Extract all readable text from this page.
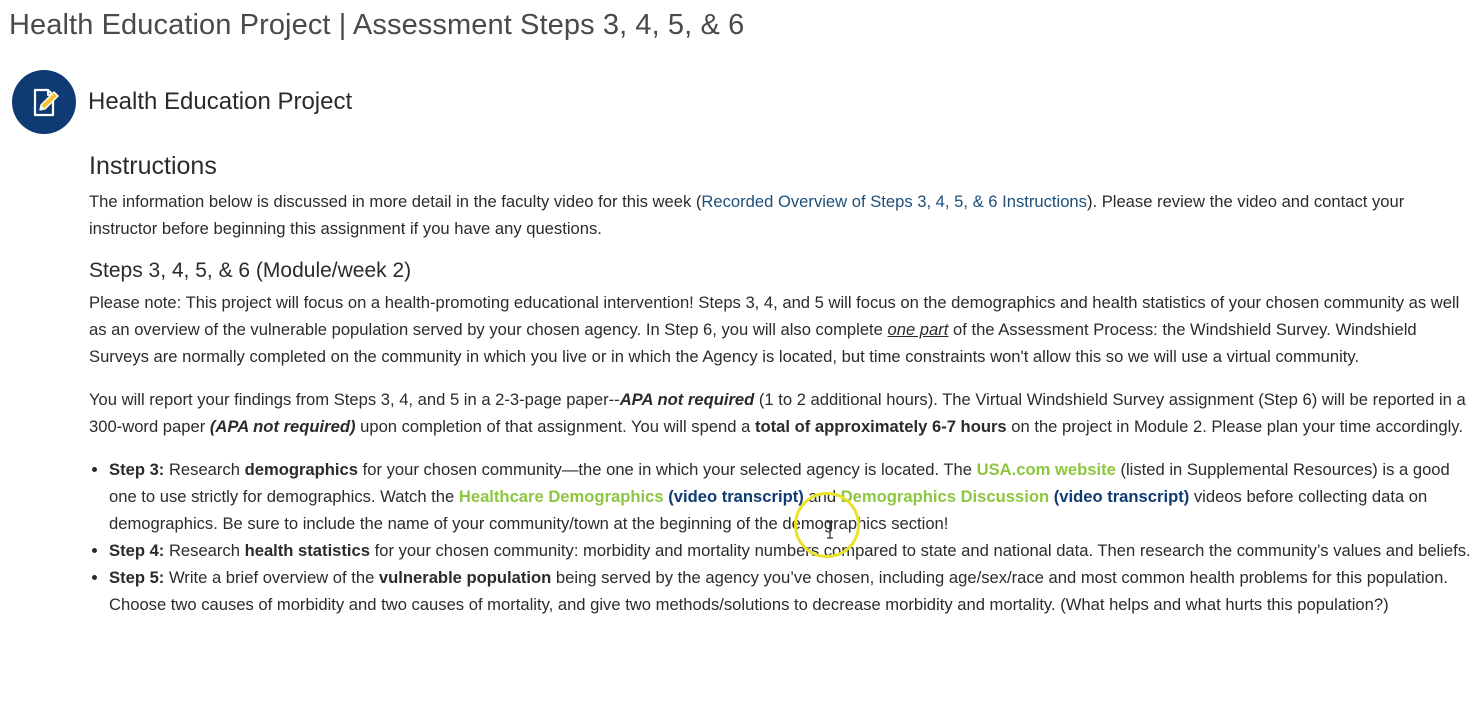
Health Education Project | Assessment Steps 3, 4, 5, & 6
Health Education Project
Instructions

The information below is discussed in more detail in the faculty video for this week (Recorded Overview of Steps 3, 4, 5, & 6 Instructions). Please review the video and contact your instructor before beginning this assignment if you have any questions.

Steps 3, 4, 5, & 6 (Module/week 2)

Please note: This project will focus on a health-promoting educational intervention! Steps 3, 4, and 5 will focus on the demographics and health statistics of your chosen community as well as an overview of the vulnerable population served by your chosen agency. In Step 6, you will also complete one part of the Assessment Process: the Windshield Survey. Windshield Surveys are normally completed on the community in which you live or in which the Agency is located, but time constraints won't allow this so we will use a virtual community.

You will report your findings from Steps 3, 4, and 5 in a 2-3-page paper--APA not required (1 to 2 additional hours). The Virtual Windshield Survey assignment (Step 6) will be reported in a 300-word paper (APA not required) upon completion of that assignment. You will spend a total of approximately 6-7 hours on the project in Module 2. Please plan your time accordingly.

• Step 3: Research demographics for your chosen community—the one in which your selected agency is located. The USA.com website (listed in Supplemental Resources) is a good one to use strictly for demographics. Watch the Healthcare Demographics (video transcript) and Demographics Discussion (video transcript) videos before collecting data on demographics. Be sure to include the name of your community/town at the beginning of the demographics section!
• Step 4: Research health statistics for your chosen community: morbidity and mortality numbers compared to state and national data. Then research the community’s values and beliefs.
• Step 5: Write a brief overview of the vulnerable population being served by the agency you’ve chosen, including age/sex/race and most common health problems for this population. Choose two causes of morbidity and two causes of mortality, and give two methods/solutions to decrease morbidity and mortality. (What helps and what hurts this population?)
